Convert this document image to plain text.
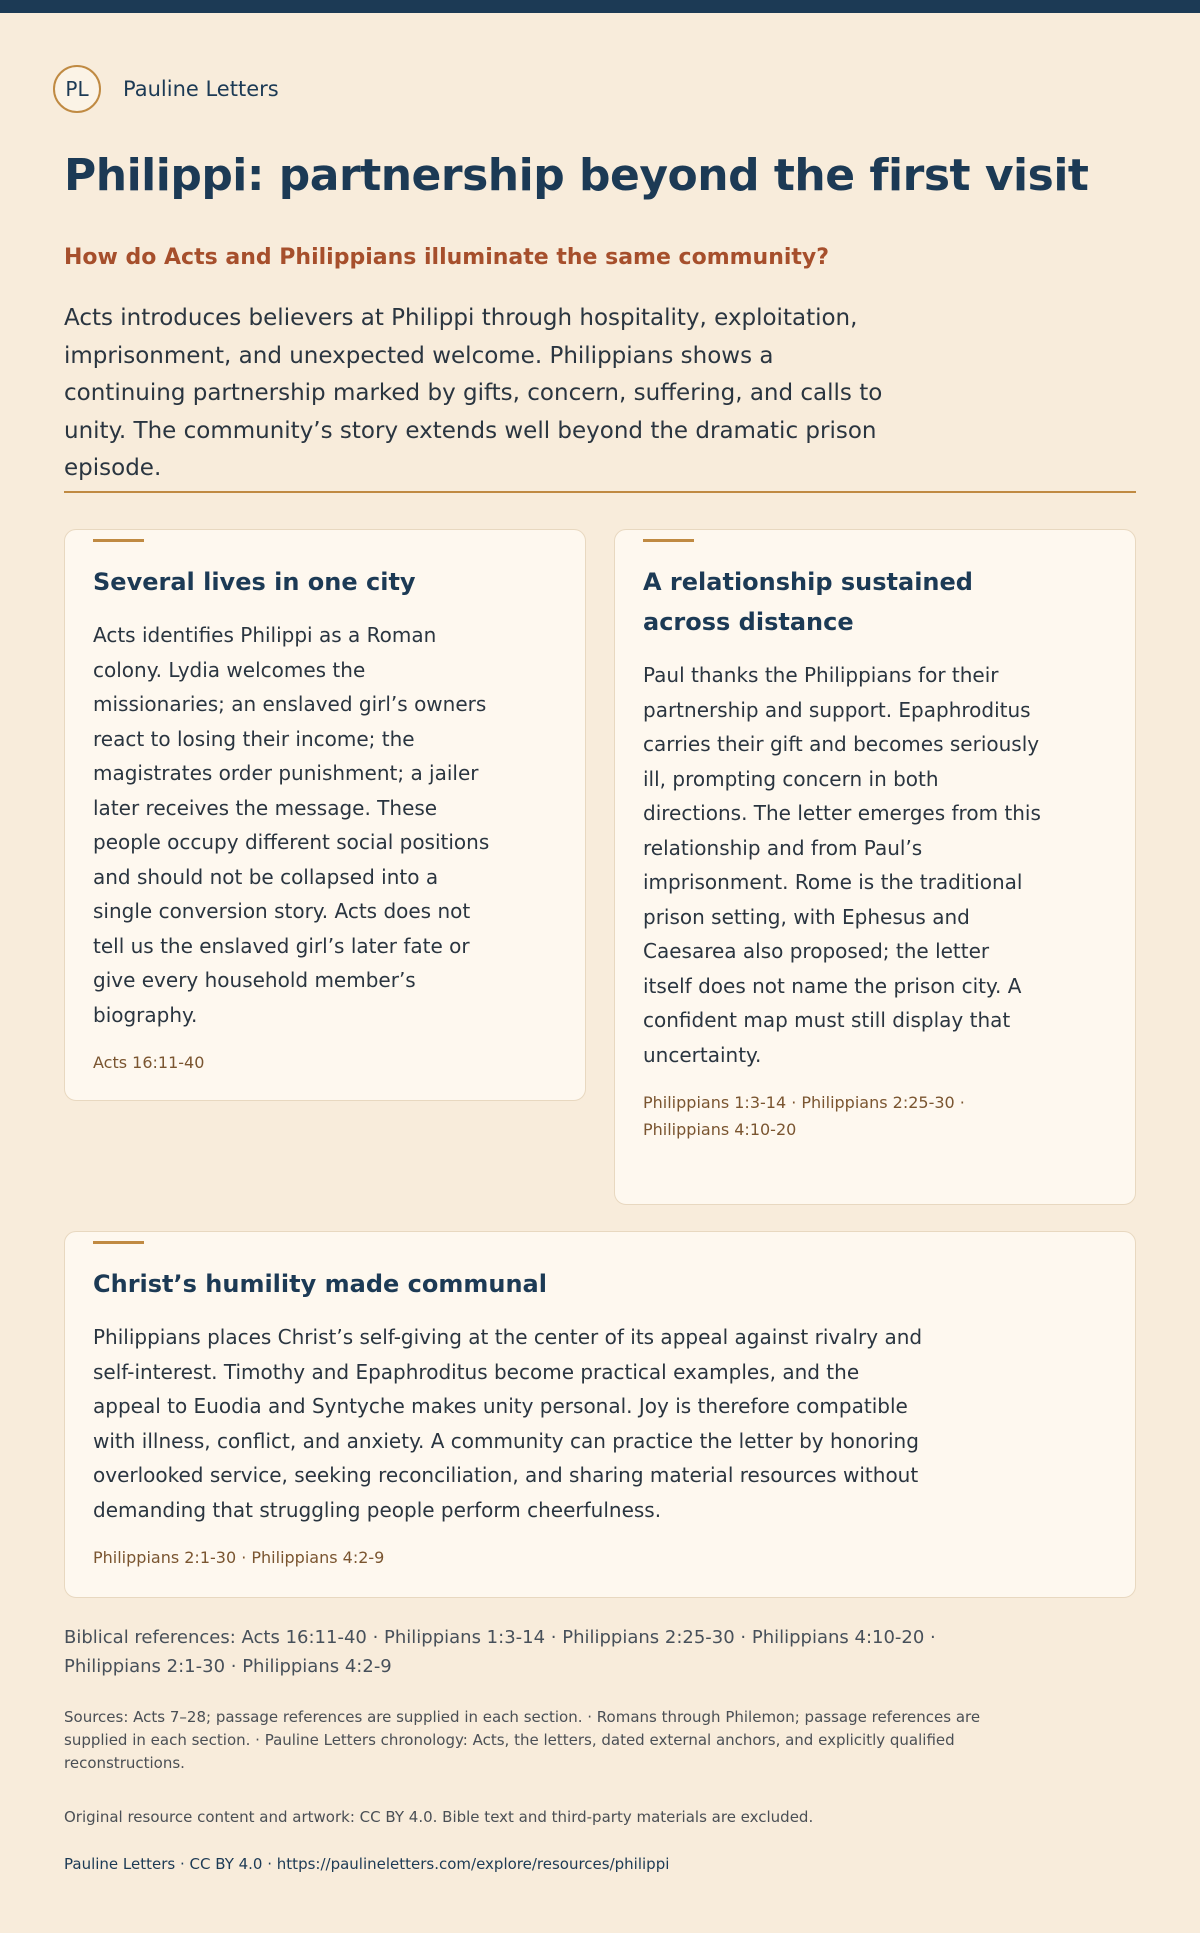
PL	Pauline Letters
Philippi: partnership beyond the first visit

How do Acts and Philippians illuminate the same community?

Acts introduces believers at Philippi through hospitality, exploitation, imprisonment, and unexpected welcome. Philippians shows a continuing partnership marked by gifts, concern, suffering, and calls to unity. The community’s story extends well beyond the dramatic prison episode.

Several lives in one city

Acts identifies Philippi as a Roman colony. Lydia welcomes the missionaries; an enslaved girl’s owners react to losing their income; the magistrates order punishment; a jailer later receives the message. These people occupy different social positions and should not be collapsed into a single conversion story. Acts does not tell us the enslaved girl’s later fate or give every household member’s biography.

Acts 16:11-40
A relationship sustained across distance

Paul thanks the Philippians for their partnership and support. Epaphroditus carries their gift and becomes seriously ill, prompting concern in both directions. The letter emerges from this relationship and from Paul’s imprisonment. Rome is the traditional prison setting, with Ephesus and Caesarea also proposed; the letter itself does not name the prison city. A confident map must still display that uncertainty.

Philippians 1:3-14 · Philippians 2:25-30 · Philippians 4:10-20
Christ’s humility made communal

Philippians places Christ’s self-giving at the center of its appeal against rivalry and self-interest. Timothy and Epaphroditus become practical examples, and the appeal to Euodia and Syntyche makes unity personal. Joy is therefore compatible with illness, conflict, and anxiety. A community can practice the letter by honoring overlooked service, seeking reconciliation, and sharing material resources without demanding that struggling people perform cheerfulness.

Philippians 2:1-30 · Philippians 4:2-9
Biblical references: Acts 16:11-40 · Philippians 1:3-14 · Philippians 2:25-30 · Philippians 4:10-20 · Philippians 2:1-30 · Philippians 4:2-9
Sources: Acts 7–28; passage references are supplied in each section. · Romans through Philemon; passage references are supplied in each section. · Pauline Letters chronology: Acts, the letters, dated external anchors, and explicitly qualified reconstructions.
Original resource content and artwork: CC BY 4.0. Bible text and third-party materials are excluded.
Pauline Letters · CC BY 4.0 · https://paulineletters.com/explore/resources/philippi
